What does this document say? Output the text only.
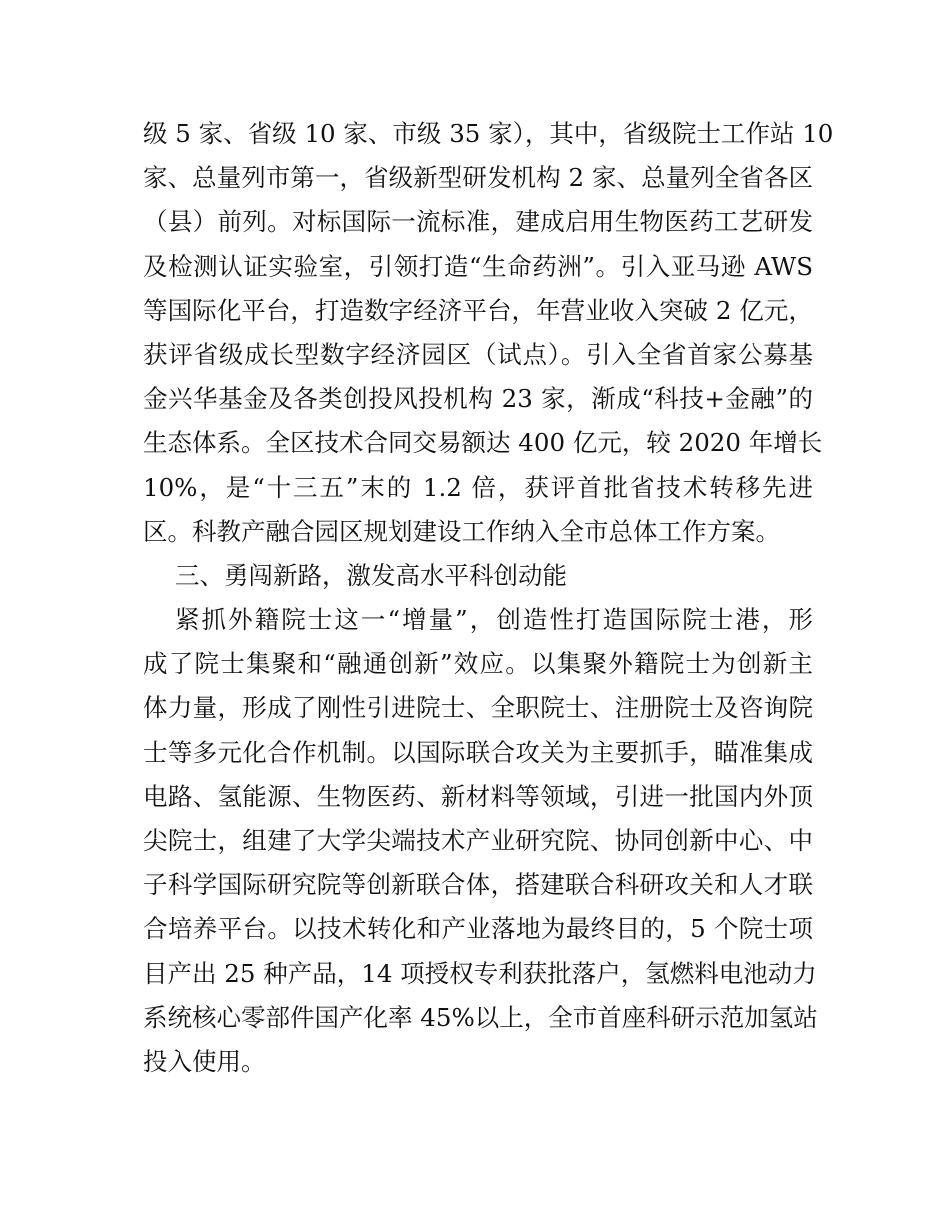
级 5 家、省级 10 家、市级 35 家），其中，省级院士工作站 10
家、总量列市第一，省级新型研发机构 2 家、总量列全省各区
（县）前列。对标国际一流标准，建成启用生物医药工艺研发
及检测认证实验室，引领打造“生命药洲”。引入亚马逊 AWS
等国际化平台，打造数字经济平台，年营业收入突破 2 亿元，
获评省级成长型数字经济园区（试点）。引入全省首家公募基
金兴华基金及各类创投风投机构 23 家，渐成“科技+金融”的
生态体系。全区技术合同交易额达 400 亿元，较 2020 年增长
10%，是“十三五”末的 1.2 倍，获评首批省技术转移先进
区。科教产融合园区规划建设工作纳入全市总体工作方案。
三、勇闯新路，激发高水平科创动能
紧抓外籍院士这一“增量”，创造性打造国际院士港，形
成了院士集聚和“融通创新”效应。以集聚外籍院士为创新主
体力量，形成了刚性引进院士、全职院士、注册院士及咨询院
士等多元化合作机制。以国际联合攻关为主要抓手，瞄准集成
电路、氢能源、生物医药、新材料等领域，引进一批国内外顶
尖院士，组建了大学尖端技术产业研究院、协同创新中心、中
子科学国际研究院等创新联合体，搭建联合科研攻关和人才联
合培养平台。以技术转化和产业落地为最终目的，5 个院士项
目产出 25 种产品，14 项授权专利获批落户，氢燃料电池动力
系统核心零部件国产化率 45%以上，全市首座科研示范加氢站
投入使用。
